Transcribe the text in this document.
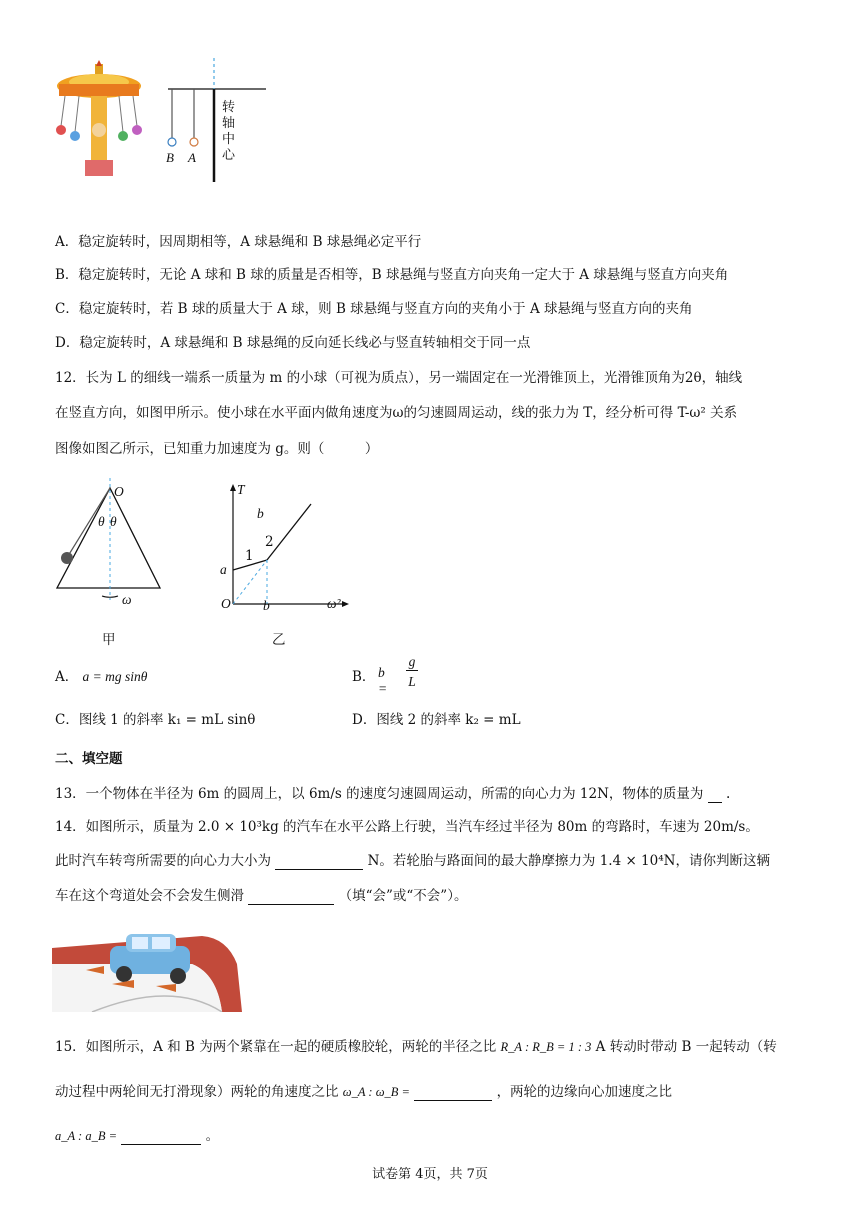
B A
转轴中心
A．稳定旋转时，因周期相等，A 球悬绳和 B 球悬绳必定平行
B．稳定旋转时，无论 A 球和 B 球的质量是否相等，B 球悬绳与竖直方向夹角一定大于 A 球悬绳与竖直方向夹角
C．稳定旋转时，若 B 球的质量大于 A 球，则 B 球悬绳与竖直方向的夹角小于 A 球悬绳与竖直方向的夹角
D．稳定旋转时，A 球悬绳和 B 球悬绳的反向延长线必与竖直转轴相交于同一点
12．长为 L 的细线一端系一质量为 m 的小球（可视为质点），另一端固定在一光滑锥顶上，光滑锥顶角为2θ，轴线
在竖直方向，如图甲所示。使小球在水平面内做角速度为ω的匀速圆周运动，线的张力为 T，经分析可得 T-ω² 关系
图像如图乙所示，已知重力加速度为 g。则（　　　）
O
θ θ
ω
甲
T
b
1
2
a
O b	ω²
乙
A． a = mg sinθ	B． b =
g
L
C．图线 1 的斜率 k₁ = mL sinθ	D．图线 2 的斜率 k₂ = mL
二、填空题
13．一个物体在半径为 6m 的圆周上，以 6m/s 的速度匀速圆周运动，所需的向心力为 12N，物体的质量为 .
14．如图所示，质量为 2.0 × 10³kg 的汽车在水平公路上行驶，当汽车经过半径为 80m 的弯路时，车速为 20m/s。
此时汽车转弯所需要的向心力大小为	N。若轮胎与路面间的最大静摩擦力为 1.4 × 10⁴N，请你判断这辆
车在这个弯道处会不会发生侧滑	（填“会”或“不会”）。
15．如图所示，A 和 B 为两个紧靠在一起的硬质橡胶轮，两轮的半径之比 R_A : R_B = 1 : 3 A 转动时带动 B 一起转动（转
动过程中两轮间无打滑现象）两轮的角速度之比 ω_A : ω_B =	，两轮的边缘向心加速度之比
a_A : a_B =	。
试卷第 4页，共 7页
